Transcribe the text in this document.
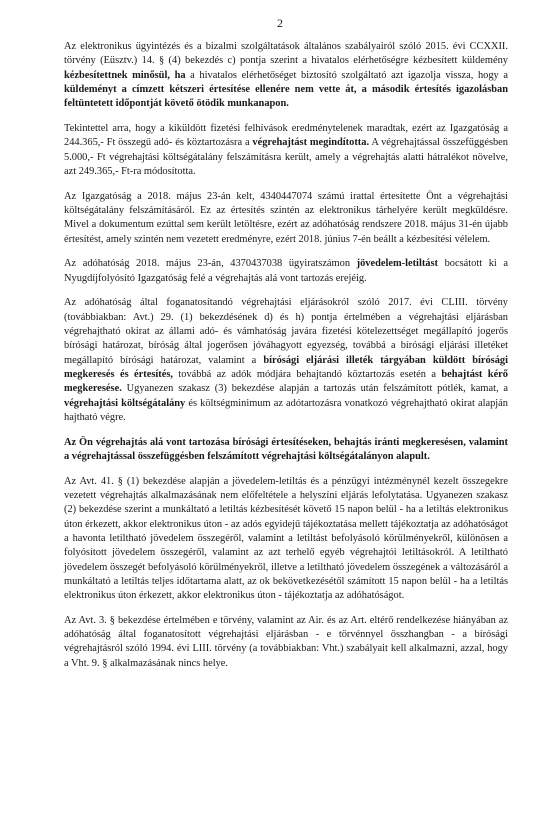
2

Az elektronikus ügyintézés és a bizalmi szolgáltatások általános szabályairól szóló 2015. évi CCXXII. törvény (Eüsztv.) 14. § (4) bekezdés c) pontja szerint a hivatalos elérhetőségre kézbesített küldemény kézbesítettnek minősül, ha a hivatalos elérhetőséget biztosító szolgáltató azt igazolja vissza, hogy a küldeményt a címzett kétszeri értesítése ellenére nem vette át, a második értesítés igazolásban feltüntetett időpontját követő ötödik munkanapon.

Tekintettel arra, hogy a kiküldött fizetési felhívások eredménytelenek maradtak, ezért az Igazgatóság a 244.365,- Ft összegű adó- és köztartozásra a végrehajtást megindította. A végrehajtással összefüggésben 5.000,- Ft végrehajtási költségátalány felszámításra került, amely a végrehajtás alatti hátralékot növelve, azt 249.365,- Ft-ra módosította.

Az Igazgatóság a 2018. május 23-án kelt, 4340447074 számú irattal értesítette Önt a végrehajtási költségátalány felszámításáról. Ez az értesítés szintén az elektronikus tárhelyére került megküldésre. Mivel a dokumentum ezúttal sem került letöltésre, ezért az adóhatóság rendszere 2018. május 31-én újabb értesítést, amely szintén nem vezetett eredményre, ezért 2018. június 7-én beállt a kézbesítési vélelem.

Az adóhatóság 2018. május 23-án, 4370437038 ügyiratszámon jövedelem-letiltást bocsátott ki a Nyugdíjfolyósító Igazgatóság felé a végrehajtás alá vont tartozás erejéig.

Az adóhatóság által foganatosítandó végrehajtási eljárásokról szóló 2017. évi CLIII. törvény (továbbiakban: Avt.) 29. (1) bekezdésének d) és h) pontja értelmében a végrehajtási eljárásban végrehajtható okirat az állami adó- és vámhatóság javára fizetési kötelezettséget megállapító jogerős bírósági határozat, bíróság által jogerősen jóváhagyott egyezség, továbbá a bírósági eljárási illetéket megállapító bírósági határozat, valamint a bírósági eljárási illeték tárgyában küldött bírósági megkeresés és értesítés, továbbá az adók módjára behajtandó köztartozás esetén a behajtást kérő megkeresése. Ugyanezen szakasz (3) bekezdése alapján a tartozás után felszámított pótlék, kamat, a végrehajtási költségátalány és költségminimum az adótartozásra vonatkozó végrehajtható okirat alapján hajtható végre.

Az Ön végrehajtás alá vont tartozása bírósági értesítéseken, behajtás iránti megkeresésen, valamint a végrehajtással összefüggésben felszámított végrehajtási költségátalányon alapult.

Az Avt. 41. § (1) bekezdése alapján a jövedelem-letiltás és a pénzügyi intézménynél kezelt összegekre vezetett végrehajtás alkalmazásának nem előfeltétele a helyszíni eljárás lefolytatása. Ugyanezen szakasz (2) bekezdése szerint a munkáltató a letiltás kézbesítését követő 15 napon belül - ha a letiltás elektronikus úton érkezett, akkor elektronikus úton - az adós egyidejű tájékoztatása mellett tájékoztatja az adóhatóságot a havonta letiltható jövedelem összegéről, valamint a letiltást befolyásoló körülményekről, különösen a folyósított jövedelem összegéről, valamint az azt terhelő egyéb végrehajtói letiltásokról. A letiltható jövedelem összegét befolyásoló körülményekről, illetve a letiltható jövedelem összegének a változásáról a munkáltató a letiltás teljes időtartama alatt, az ok bekövetkezésétől számított 15 napon belül - ha a letiltás elektronikus úton érkezett, akkor elektronikus úton - tájékoztatja az adóhatóságot.

Az Avt. 3. § bekezdése értelmében e törvény, valamint az Air. és az Art. eltérő rendelkezése hiányában az adóhatóság által foganatosított végrehajtási eljárásban - e törvénnyel összhangban - a bírósági végrehajtásról szóló 1994. évi LIII. törvény (a továbbiakban: Vht.) szabályait kell alkalmazni, azzal, hogy a Vht. 9. § alkalmazásának nincs helye.
